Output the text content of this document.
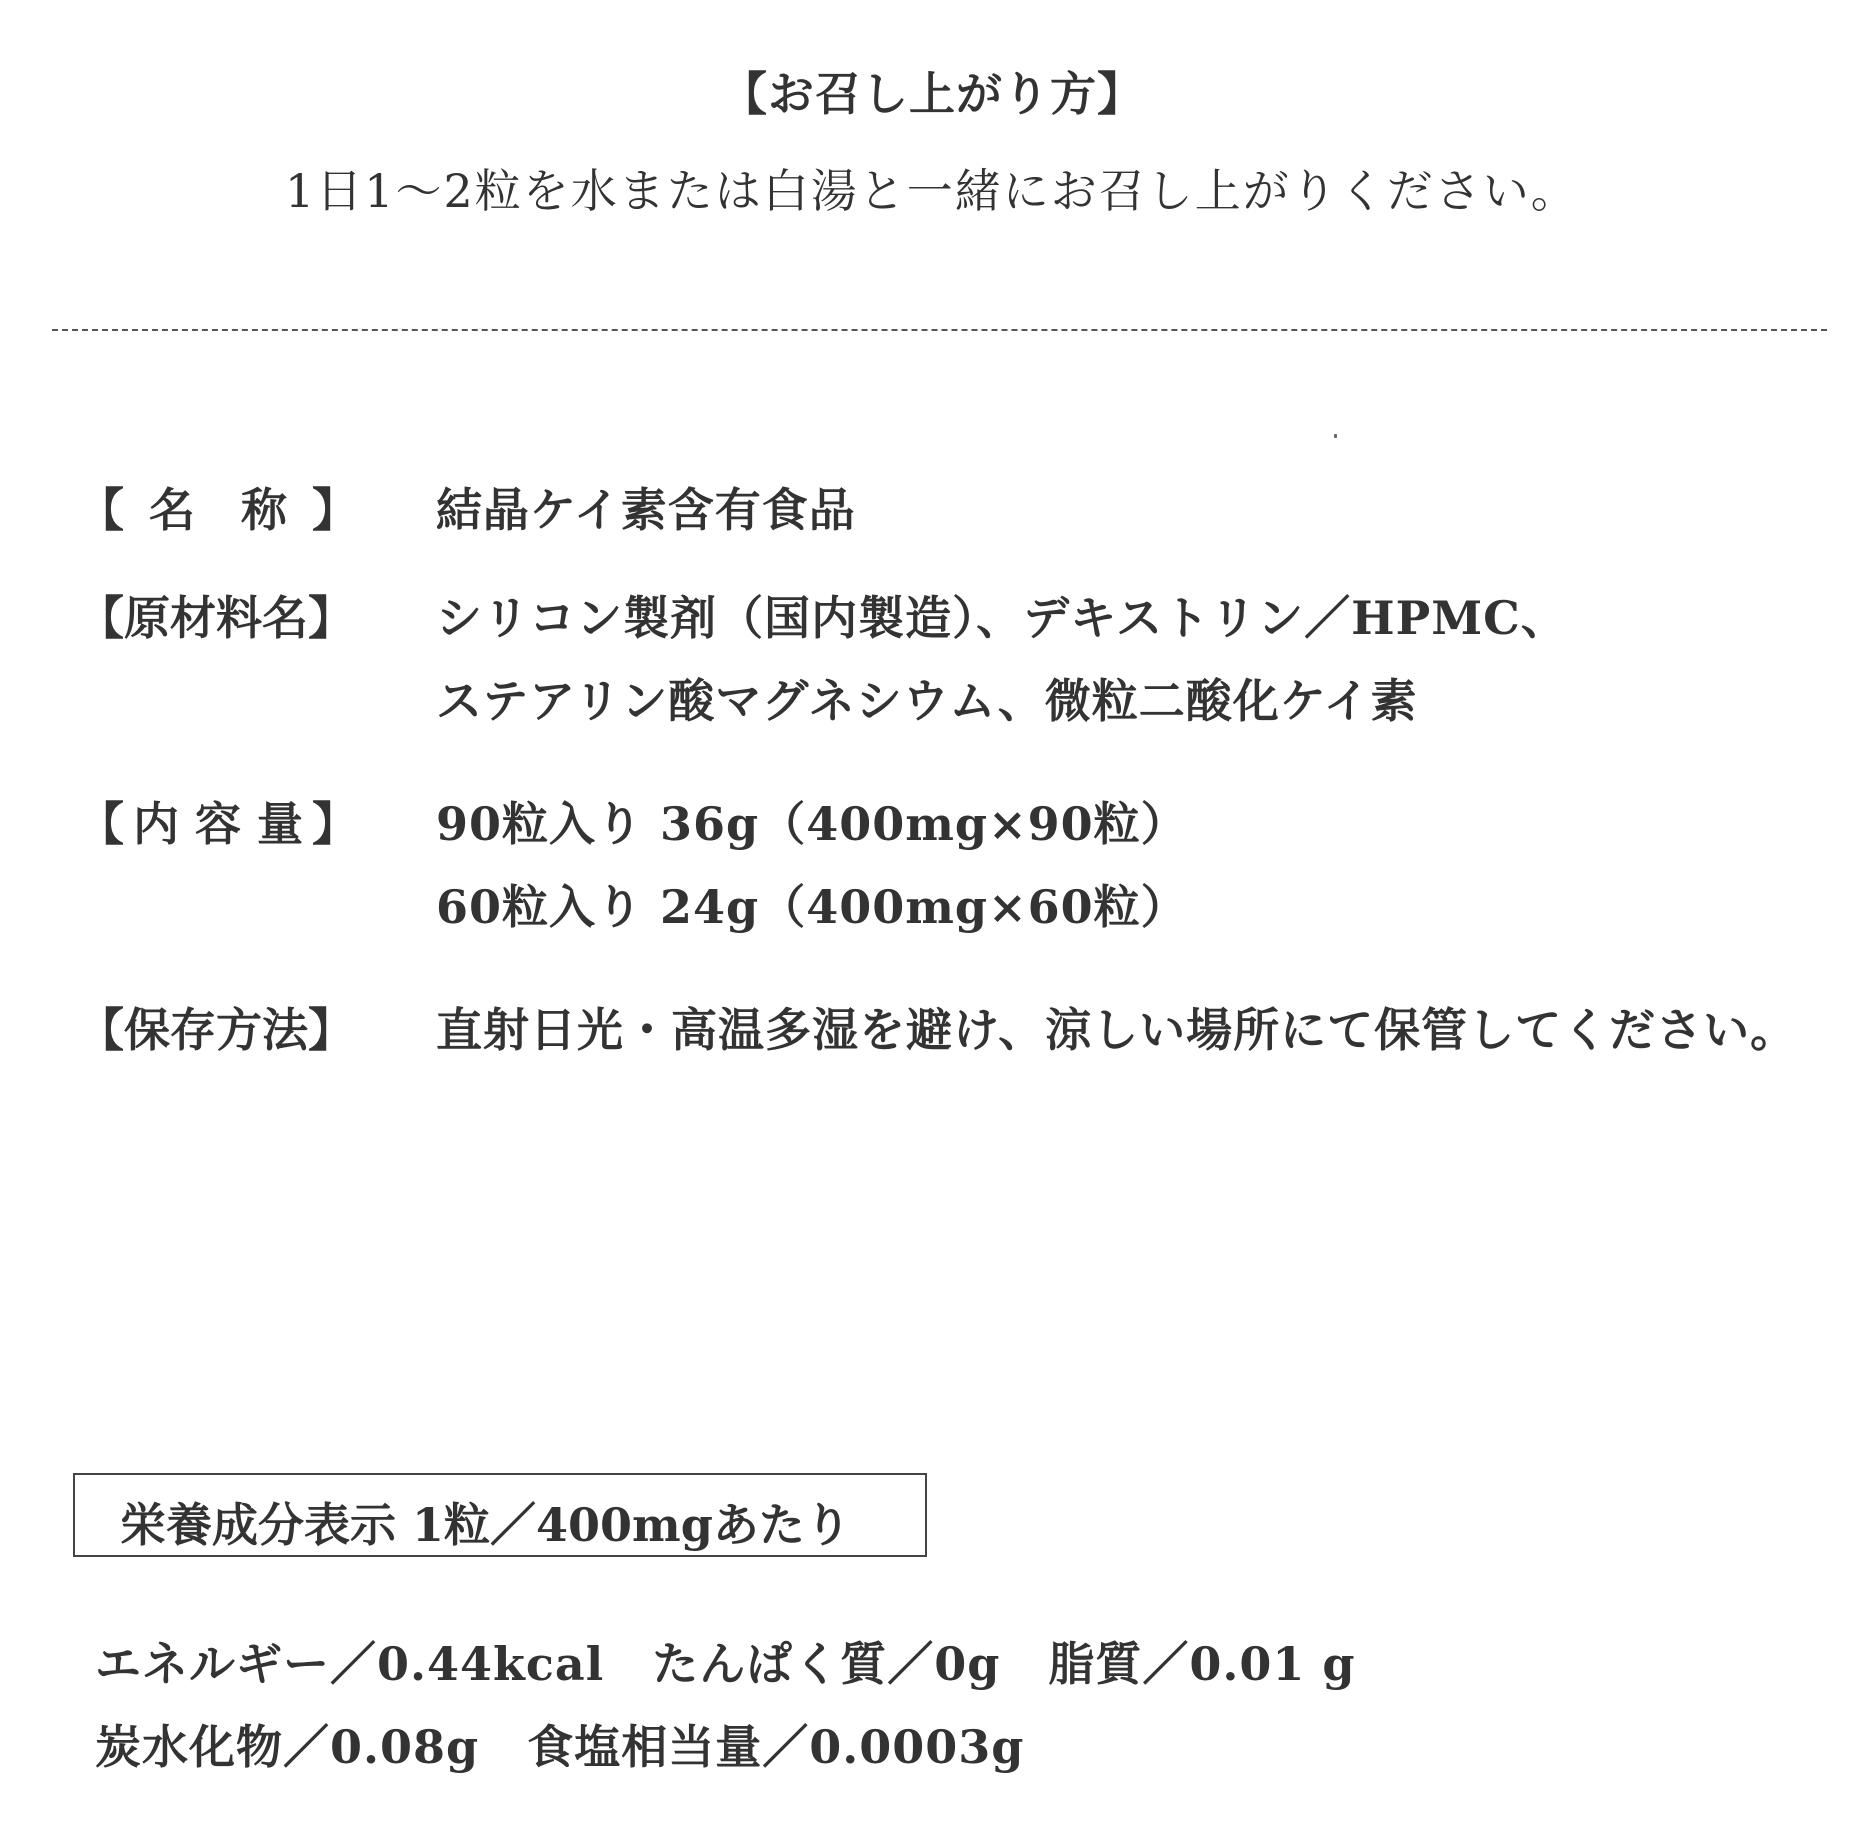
【お召し上がり方】
1日1～2粒を水または白湯と一緒にお召し上がりください。
【 名　称 】 結晶ケイ素含有食品
【原材料名】 シリコン製剤（国内製造）、デキストリン／HPMC、
ステアリン酸マグネシウム、微粒二酸化ケイ素
【 内 容 量 】 90粒入り 36g（400mg×90粒）
60粒入り 24g（400mg×60粒）
【保存方法】 直射日光・高温多湿を避け、涼しい場所にて保管してください。
栄養成分表示 1粒／400mgあたり
エネルギー／0.44kcal たんぱく質／0g 脂質／0.01 g
炭水化物／0.08g 食塩相当量／0.0003g
